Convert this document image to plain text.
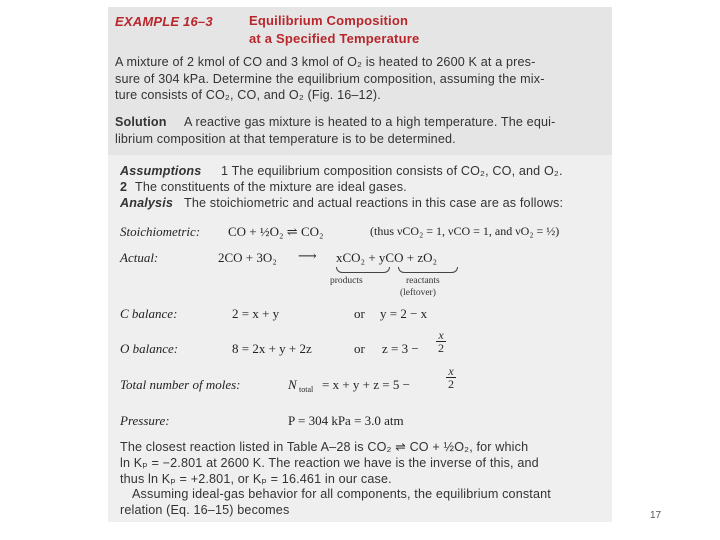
EXAMPLE 16–3	Equilibrium Composition
at a Specified Temperature
A mixture of 2 kmol of CO and 3 kmol of O₂ is heated to 2600 K at a pres-
sure of 304 kPa. Determine the equilibrium composition, assuming the mix-
ture consists of CO₂, CO, and O₂ (Fig. 16–12).
Solution A reactive gas mixture is heated to a high temperature. The equi-
librium composition at that temperature is to be determined.
Assumptions 1 The equilibrium composition consists of CO₂, CO, and O₂.
2 The constituents of the mixture are ideal gases.
Analysis The stoichiometric and actual reactions in this case are as follows:
Stoichiometric: CO + ½O₂ ⇌ CO₂	(thus νCO₂ = 1, νCO = 1, and νO₂ = ½)
Actual:	2CO + 3O₂ ⟶ xCO₂ + yCO + zO₂
products	reactants
(leftover)
C balance:	2 = x + y	or y = 2 − x
O balance:	8 = 2x + y + 2z	or $z = 3 - \frac{x}{2}$
Total number of moles:	N total = x + y + z = 5 −	$\frac{x}{2}$
Pressure:	P = 304 kPa = 3.0 atm
The closest reaction listed in Table A–28 is CO₂ ⇌ CO + ½O₂, for which
ln Kₚ = −2.801 at 2600 K. The reaction we have is the inverse of this, and
thus ln Kₚ = +2.801, or Kₚ = 16.461 in our case.
Assuming ideal-gas behavior for all components, the equilibrium constant
relation (Eq. 16–15) becomes	17
